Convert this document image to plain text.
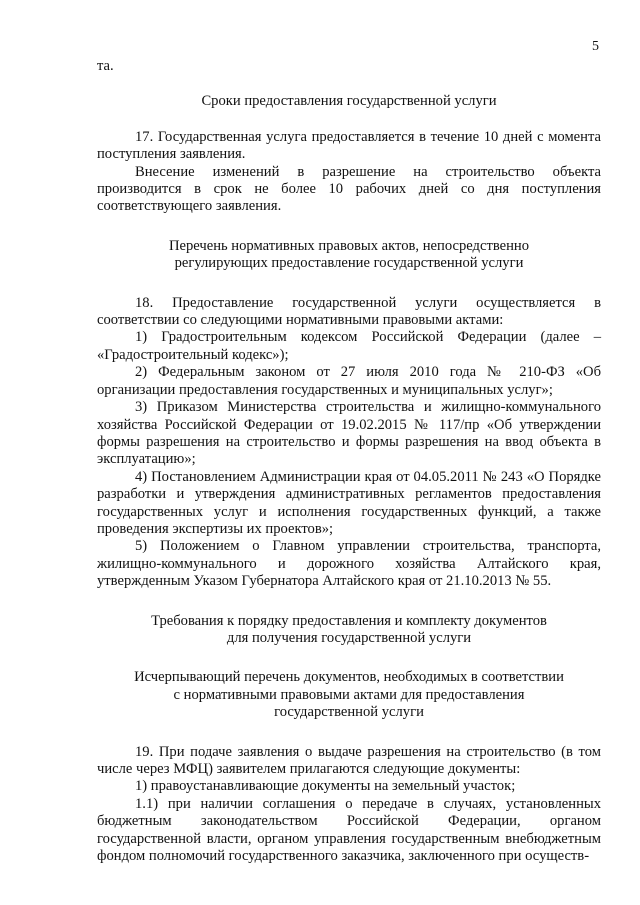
5

та.

Сроки предоставления государственной услуги

17. Государственная услуга предоставляется в течение 10 дней с момента поступления заявления.

Внесение изменений в разрешение на строительство объекта производится в срок не более 10 рабочих дней со дня поступления соответствующего заявления.

Перечень нормативных правовых актов, непосредственно
регулирующих предоставление государственной услуги

18. Предоставление государственной услуги осуществляется в соответствии со следующими нормативными правовыми актами:

1) Градостроительным кодексом Российской Федерации (далее – «Градостроительный кодекс»);

2) Федеральным законом от 27 июля 2010 года № 210-ФЗ «Об организации предоставления государственных и муниципальных услуг»;

3) Приказом Министерства строительства и жилищно-коммунального хозяйства Российской Федерации от 19.02.2015 № 117/пр «Об утверждении формы разрешения на строительство и формы разрешения на ввод объекта в эксплуатацию»;

4) Постановлением Администрации края от 04.05.2011 № 243 «О Порядке разработки и утверждения административных регламентов предоставления государственных услуг и исполнения государственных функций, а также проведения экспертизы их проектов»;

5) Положением о Главном управлении строительства, транспорта, жилищно-коммунального и дорожного хозяйства Алтайского края, утвержденным Указом Губернатора Алтайского края от 21.10.2013 № 55.

Требования к порядку предоставления и комплекту документов
для получения государственной услуги

Исчерпывающий перечень документов, необходимых в соответствии
с нормативными правовыми актами для предоставления
государственной услуги

19. При подаче заявления о выдаче разрешения на строительство (в том числе через МФЦ) заявителем прилагаются следующие документы:

1) правоустанавливающие документы на земельный участок;

1.1) при наличии соглашения о передаче в случаях, установленных бюджетным законодательством Российской Федерации, органом государственной власти, органом управления государственным внебюджетным фондом полномочий государственного заказчика, заключенного при осуществ-
